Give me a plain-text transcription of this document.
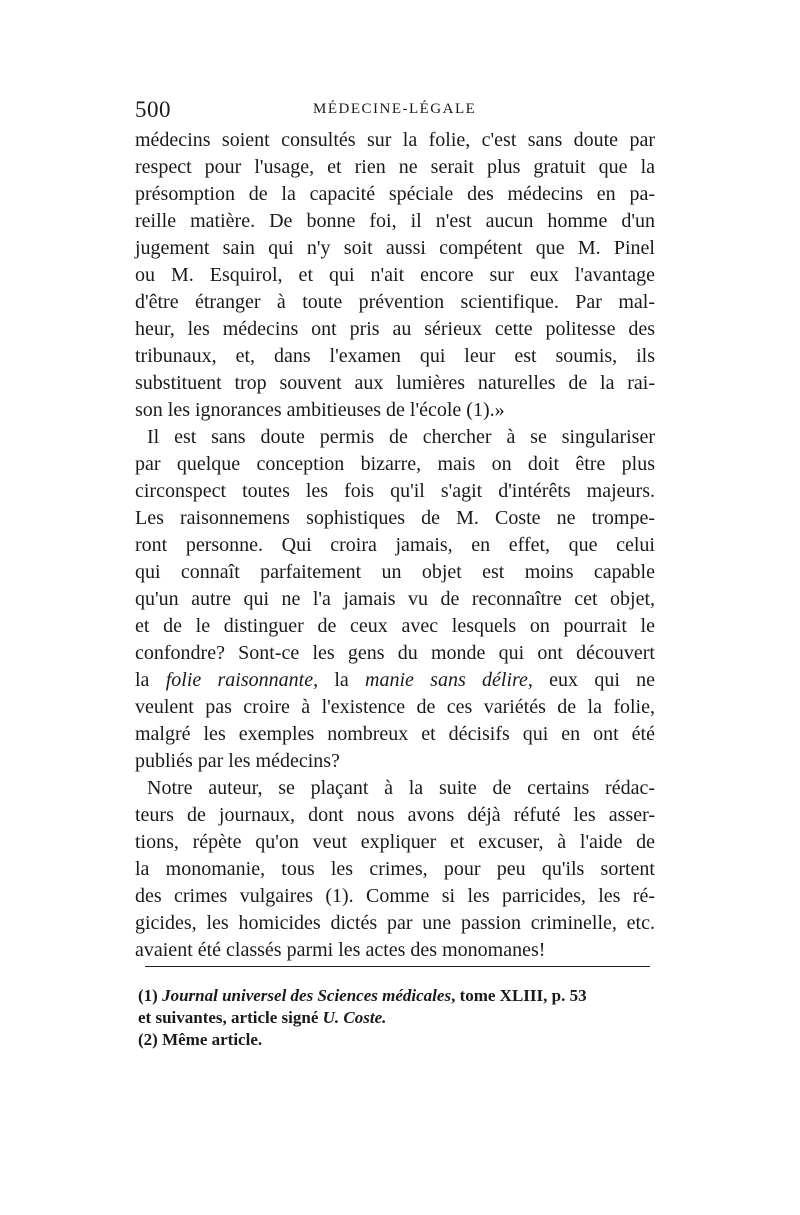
500	MÉDECINE-LÉGALE
médecins soient consultés sur la folie, c'est sans doute par
respect pour l'usage, et rien ne serait plus gratuit que la
présomption de la capacité spéciale des médecins en pa-
reille matière. De bonne foi, il n'est aucun homme d'un
jugement sain qui n'y soit aussi compétent que M. Pinel
ou M. Esquirol, et qui n'ait encore sur eux l'avantage
d'être étranger à toute prévention scientifique. Par mal-
heur, les médecins ont pris au sérieux cette politesse des
tribunaux, et, dans l'examen qui leur est soumis, ils
substituent trop souvent aux lumières naturelles de la rai-
son les ignorances ambitieuses de l'école (1).»
Il est sans doute permis de chercher à se singulariser
par quelque conception bizarre, mais on doit être plus
circonspect toutes les fois qu'il s'agit d'intérêts majeurs.
Les raisonnemens sophistiques de M. Coste ne trompe-
ront personne. Qui croira jamais, en effet, que celui
qui connaît parfaitement un objet est moins capable
qu'un autre qui ne l'a jamais vu de reconnaître cet objet,
et de le distinguer de ceux avec lesquels on pourrait le
confondre? Sont-ce les gens du monde qui ont découvert
la folie raisonnante, la manie sans délire, eux qui ne
veulent pas croire à l'existence de ces variétés de la folie,
malgré les exemples nombreux et décisifs qui en ont été
publiés par les médecins?
Notre auteur, se plaçant à la suite de certains rédac-
teurs de journaux, dont nous avons déjà réfuté les asser-
tions, répète qu'on veut expliquer et excuser, à l'aide de
la monomanie, tous les crimes, pour peu qu'ils sortent
des crimes vulgaires (1). Comme si les parricides, les ré-
gicides, les homicides dictés par une passion criminelle, etc.
avaient été classés parmi les actes des monomanes!
(1) Journal universel des Sciences médicales, tome XLIII, p. 53
et suivantes, article signé U. Coste.
(2) Même article.
